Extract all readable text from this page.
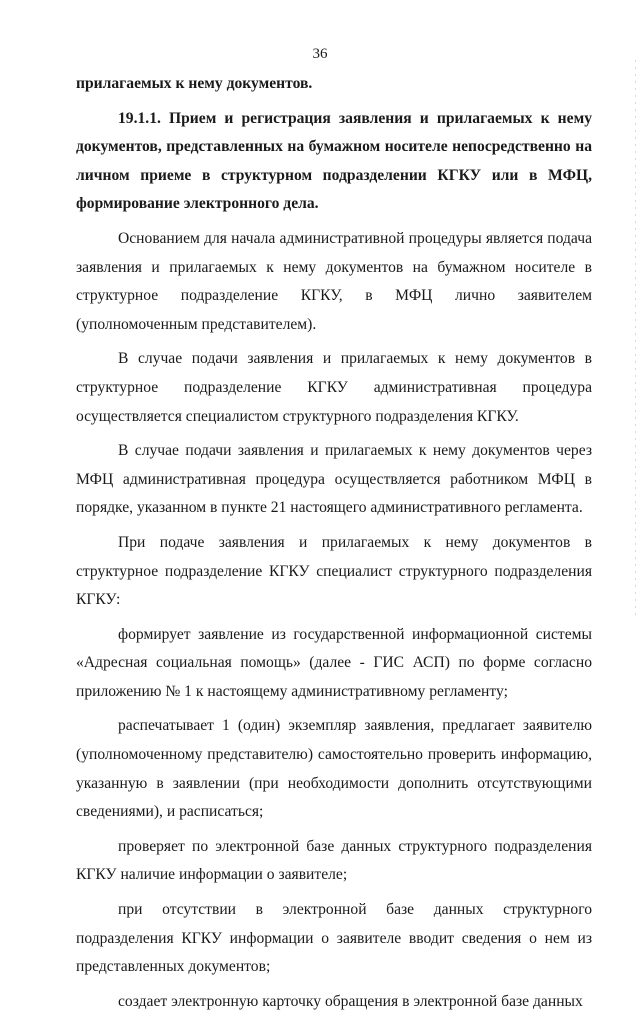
36

прилагаемых к нему документов.

19.1.1. Прием и регистрация заявления и прилагаемых к нему документов, представленных на бумажном носителе непосредственно на личном приеме в структурном подразделении КГКУ или в МФЦ, формирование электронного дела.

Основанием для начала административной процедуры является подача заявления и прилагаемых к нему документов на бумажном носителе в структурное подразделение КГКУ, в МФЦ лично заявителем (уполномоченным представителем).

В случае подачи заявления и прилагаемых к нему документов в структурное подразделение КГКУ административная процедура осуществляется специалистом структурного подразделения КГКУ.

В случае подачи заявления и прилагаемых к нему документов через МФЦ административная процедура осуществляется работником МФЦ в порядке, указанном в пункте 21 настоящего административного регламента.

При подаче заявления и прилагаемых к нему документов в структурное подразделение КГКУ специалист структурного подразделения КГКУ:

формирует заявление из государственной информационной системы «Адресная социальная помощь» (далее - ГИС АСП) по форме согласно приложению № 1 к настоящему административному регламенту;

распечатывает 1 (один) экземпляр заявления, предлагает заявителю (уполномоченному представителю) самостоятельно проверить информацию, указанную в заявлении (при необходимости дополнить отсутствующими сведениями), и расписаться;

проверяет по электронной базе данных структурного подразделения КГКУ наличие информации о заявителе;

при отсутствии в электронной базе данных структурного подразделения КГКУ информации о заявителе вводит сведения о нем из представленных документов;

создает электронную карточку обращения в электронной базе данных
